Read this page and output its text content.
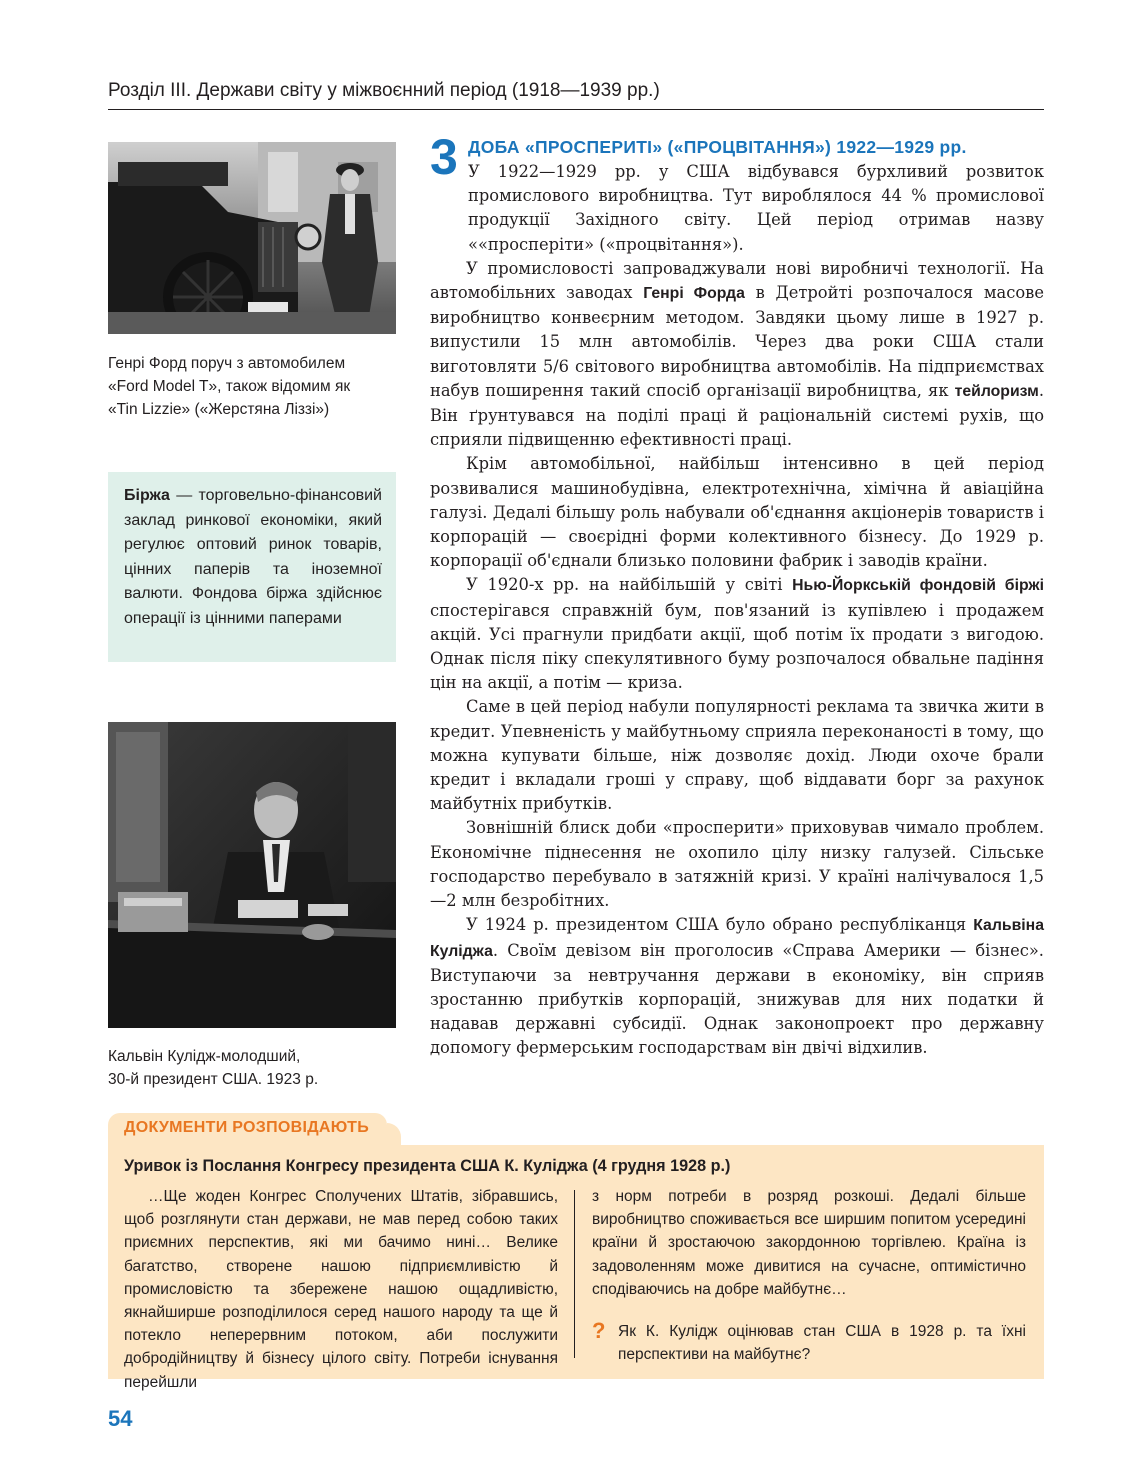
Розділ ІІІ. Держави світу у міжвоєнний період (1918—1939 рр.)
Генрі Форд поруч з автомобилем «Ford Model T», також відомим як «Tin Lizzie» («Жерстяна Ліззі»)
Біржа — торговельно-фінансовий заклад ринкової економіки, який регулює оптовий ринок товарів, цінних паперів та іноземної валюти. Фондова біржа здійснює операції із цінними паперами
Кальвін Кулідж-молодший,
30-й президент США. 1923 р.
3 ДОБА «ПРОСПЕРИТІ» («ПРОЦВІТАННЯ») 1922—1929 рр.

У 1922—1929 рр. у США відбувався бурхливий розвиток промислового виробництва. Тут вироблялося 44 % промислової продукції Західного світу. Цей період отримав назву ««просперіти» («процвітання»).

У промисловості запроваджували нові виробничі технології. На автомобільних заводах Генрі Форда в Детройті розпочалося масове виробництво конвеєрним методом. Завдяки цьому лише в 1927 р. випустили 15 млн автомобілів. Через два роки США стали виготовляти 5/6 світового виробництва автомобілів. На підприємствах набув поширення такий спосіб організації виробництва, як тейлоризм. Він ґрунтувався на поділі праці й раціональній системі рухів, що сприяли підвищенню ефективності праці.

Крім автомобільної, найбільш інтенсивно в цей період розвивалися машинобудівна, електротехнічна, хімічна й авіаційна галузі. Дедалі більшу роль набували об'єднання акціонерів товариств і корпорацій — своєрідні форми колективного бізнесу. До 1929 р. корпорації об'єднали близько половини фабрик і заводів країни.

У 1920-х рр. на найбільшій у світі Нью-Йоркській фондовій біржі спостерігався справжній бум, пов'язаний із купівлею і продажем акцій. Усі прагнули придбати акції, щоб потім їх продати з вигодою. Однак після піку спекулятивного буму розпочалося обвальне падіння цін на акції, а потім — криза.

Саме в цей період набули популярності реклама та звичка жити в кредит. Упевненість у майбутньому сприяла переконаності в тому, що можна купувати більше, ніж дозволяє дохід. Люди охоче брали кредит і вкладали гроші у справу, щоб віддавати борг за рахунок майбутніх прибутків.

Зовнішній блиск доби «просперити» приховував чимало проблем. Економічне піднесення не охопило цілу низку галузей. Сільське господарство перебувало в затяжній кризі. У країні налічувалося 1,5—2 млн безробітних.

У 1924 р. президентом США було обрано республіканця Кальвіна Куліджа. Своїм девізом він проголосив «Справа Америки — бізнес». Виступаючи за невтручання держави в економіку, він сприяв зростанню прибутків корпорацій, знижував для них податки й надавав державні субсидії. Однак законопроект про державну допомогу фермерським господарствам він двічі відхилив.

ДОКУМЕНТИ РОЗПОВІДАЮТЬ
Уривок із Послання Конгресу президента США К. Куліджа (4 грудня 1928 р.)
…Ще жоден Конгрес Сполучених Штатів, зібравшись, щоб розглянути стан держави, не мав перед собою таких приємних перспектив, які ми бачимо нині… Велике багатство, створене нашою підприємливістю й промисловістю та збережене нашою ощадливістю, якнайширше розподілилося серед нашого народу та ще й потекло неперервним потоком, аби послужити добродійництву й бізнесу цілого світу. Потреби існування перейшли
з норм потреби в розряд розкоші. Дедалі більше виробництво споживається все ширшим попитом усередині країни й зростаючою закордонною торгівлею. Країна із задоволенням може дивитися на сучасне, оптимістично сподіваючись на добре майбутнє…
? Як К. Кулідж оцінював стан США в 1928 р. та їхні перспективи на майбутнє?
54
